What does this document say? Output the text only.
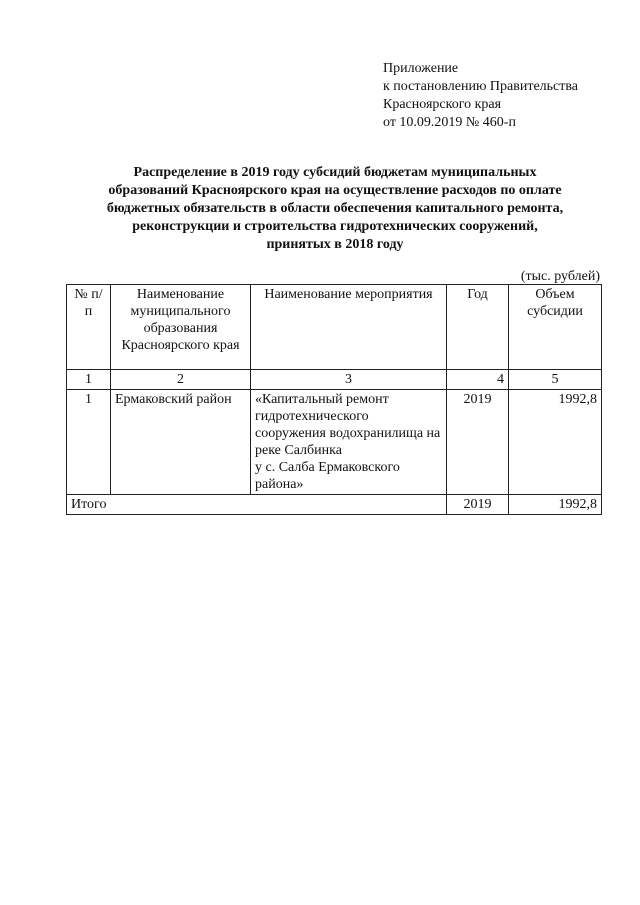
Приложение
к постановлению Правительства
Красноярского края
от 10.09.2019 № 460-п
Распределение в 2019 году субсидий бюджетам муниципальных
образований Красноярского края на осуществление расходов по оплате
бюджетных обязательств в области обеспечения капитального ремонта,
реконструкции и строительства гидротехнических сооружений,
принятых в 2018 году
(тыс. рублей)
№ п/п	Наименование муниципального образования Красноярского края	Наименование мероприятия	Год	Объем субсидии
1	2	3	4	5
1	Ермаковский район	«Капитальный ремонт гидротехнического сооружения водохранилища на реке Салбинка
у с. Салба Ермаковского района»	2019	1992,8
Итого			2019	1992,8
